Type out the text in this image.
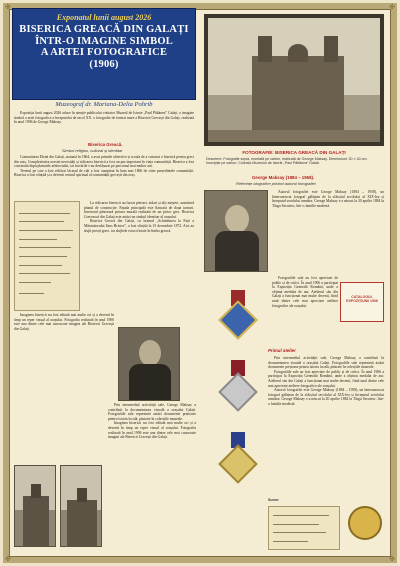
✤	✤
✤	✤
Exponatul lunii august 2026
BISERICA GREACĂ DIN GALAȚI
ÎNTR-O IMAGINE SIMBOL
A ARTEI FOTOGRAFICE
(1906)
Muzeograf dr. Mariana-Delia Pohrib

Expoziția lunii august 2026 aduce în atenție publicului vizitator Muzeul de Istorie „Paul Păltănea” Galați, o imagine simbol a artei fotografice a începutului de secol XX: o fotografie de format mare a Bisericii Grecești din Galați, realizată în anul 1906 de George Maksay.

Biserica Greacă.
Simbol religios, cultural și identitar

Comunitatea Elenă din Galați, statuată în 1864, a avut primele obiective și scoala de a construi o biserică pentru greci din oraș. Complexitatea acestei necesități și ridicarea bisericii a fost un pas important în viața comunității. Biserica a fost construită după planurile arhitectului, iar lucrările s-au desfășurat pe parcursul mai multor ani.

Terenul pe care a fost edificat lăcașul de cult a fost cumpărat în luna mai 1866 de către președintele comunității. Biserica a fost sfințită și a devenit centrul spiritual al comunității grecești din oraș.

La ridicarea bisericii au lucrat pietrari, zidari și alți meșteri, urmărind planul de construcție. Fațada principală este flancată de două turnuri. Interiorul păstrează pictura murală realizată de un pictor grec. Biserica Grecească din Galați este astăzi un simbol identitar al orașului.

Biserica Greacă din Galați, cu hramul „Schimbarea la Față a Mântuitorului Iisus Hristos”, a fost sfințită la 15 decembrie 1872. Aici au slujit preoți greci, iar slujbele erau oficiate în limba greacă.

Imaginea bisericii nu fost editată mai multe ori și a devenit în timp un reper vizual al orașului. Fotografia realizată în anul 1906 este una dintre cele mai cunoscute imagini ale Bisericii Grecești din Galați.

Prin intermediul activității sale, George Maksay a contribuit la documentarea vizuală a orașului Galați. Fotografiile sale reprezintă astăzi documente prețioase pentru istoria locală, păstrate în colecțiile muzeale.

Imaginea bisericii nu fost editată mai multe ori și a devenit în timp un reper vizual al orașului. Fotografia realizată în anul 1906 este una dintre cele mai cunoscute imagini ale Bisericii Grecești din Galați.

FOTOGRAFIE: BISERICA GREACĂ DIN GALAȚI
Descriere: Fotografie sepia, montată pe carton, realizată de George Maksay. Dimensiuni: 30 × 40 cm. Inscripție pe carton. Colecția Muzeului de Istorie „Paul Păltănea” Galați.
George Maksay (1884 – 1958).
Referințe biografice privind autorul fotografiei

Autorul fotografiei este George Maksay (1884 – 1958), un binecunoscut fotograf gălățean de la sfârșitul secolului al XIX-lea și începutul secolului următor. George Maksay s-a născut la 20 aprilie 1884 la Târgu Secuiesc, într-o familie modestă.

CATALOGUL EXPOZIȚIUNII 1906

Fotografiile sale au fost apreciate de public și de critici. În anul 1906 a participat la Expoziția Generală Română, unde a obținut medalia de aur. Atelierul său din Galați a funcționat mai multe decenii, fiind unul dintre cele mai apreciate ateliere fotografice ale orașului.

Primul atelier

Prin intermediul activității sale, George Maksay a contribuit la documentarea vizuală a orașului Galați. Fotografiile sale reprezintă astăzi documente prețioase pentru istoria locală, păstrate în colecțiile muzeale.

Fotografiile sale au fost apreciate de public și de critici. În anul 1906 a participat la Expoziția Generală Română, unde a obținut medalia de aur. Atelierul său din Galați a funcționat mai multe decenii, fiind unul dintre cele mai apreciate ateliere fotografice ale orașului.

Autorul fotografiei este George Maksay (1884 – 1958), un binecunoscut fotograf gălățean de la sfârșitul secolului al XIX-lea și începutul secolului următor. George Maksay s-a născut la 20 aprilie 1884 la Târgu Secuiesc, într-o familie modestă.

Surse:
